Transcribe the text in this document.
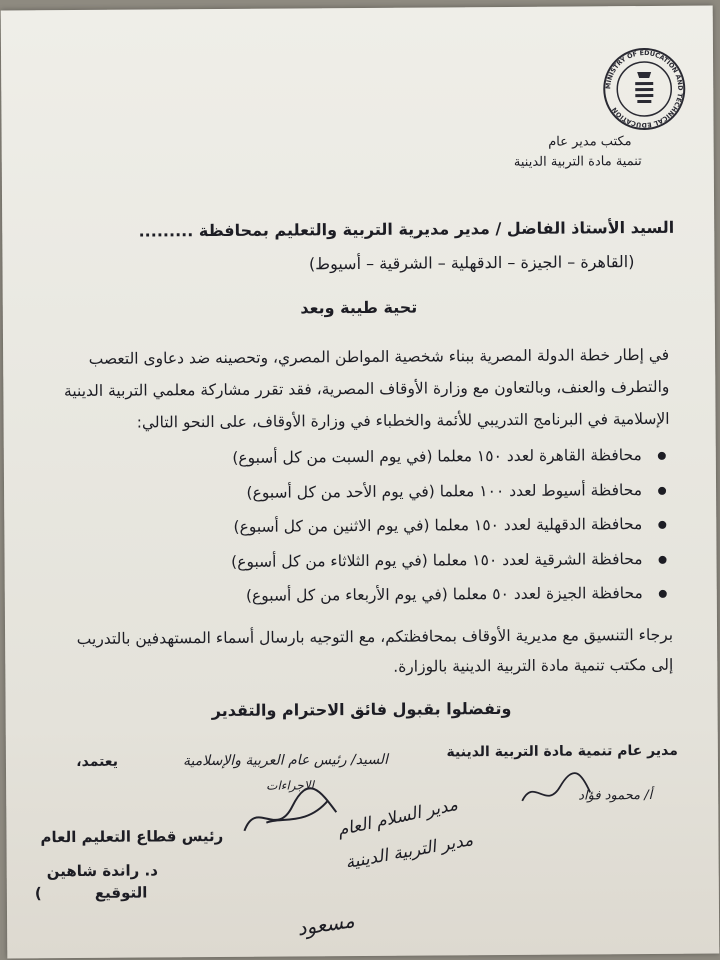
MINISTRY OF EDUCATION AND TECHNICAL EDUCATION
مكتب مدير عام
تنمية مادة التربية الدينية
السيد الأستاذ الفاضل / مدير مديرية التربية والتعليم بمحافظة .........
(القاهرة – الجيزة – الدقهلية – الشرقية – أسيوط)
تحية طيبة وبعد
في إطار خطة الدولة المصرية ببناء شخصية المواطن المصري، وتحصينه ضد دعاوى التعصب
والتطرف والعنف، وبالتعاون مع وزارة الأوقاف المصرية، فقد تقرر مشاركة معلمي التربية الدينية
الإسلامية في البرنامج التدريبي للأئمة والخطباء في وزارة الأوقاف، على النحو التالي:
محافظة القاهرة لعدد ١٥٠ معلما (في يوم السبت من كل أسبوع)
محافظة أسيوط لعدد ١٠٠ معلما (في يوم الأحد من كل أسبوع)
محافظة الدقهلية لعدد ١٥٠ معلما (في يوم الاثنين من كل أسبوع)
محافظة الشرقية لعدد ١٥٠ معلما (في يوم الثلاثاء من كل أسبوع)
محافظة الجيزة لعدد ٥٠ معلما (في يوم الأربعاء من كل أسبوع)
برجاء التنسيق مع مديرية الأوقاف بمحافظتكم، مع التوجيه بارسال أسماء المستهدفين بالتدريب
إلى مكتب تنمية مادة التربية الدينية بالوزارة.
وتفضلوا بقبول فائق الاحترام والتقدير
مدير عام تنمية مادة التربية الدينية
أ/ محمود فؤاد
السيد/ رئيس عام العربية والإسلامية
يعتمد،
الاجراءات
رئيس قطاع التعليم العام
د. راندة شاهين
التوقيع
(
مدير السلام العام
مدير التربية الدينية
مسعود
